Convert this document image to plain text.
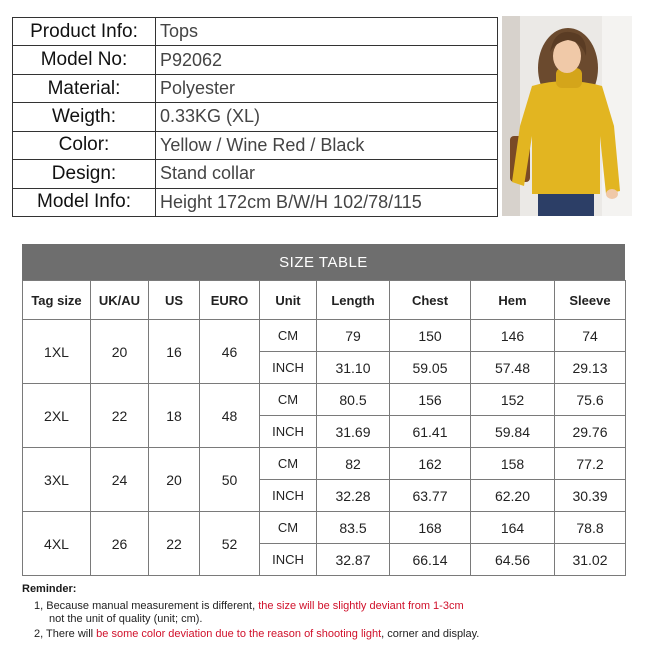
Product Info:	Tops
Model No:	P92062
Material:	Polyester
Weigth:	0.33KG (XL)
Color:	Yellow / Wine Red / Black
Design:	Stand collar
Model Info:	Height 172cm B/W/H 102/78/115
SIZE TABLE
Tag size	UK/AU	US	EURO	Unit	Length	Chest	Hem	Sleeve
1XL	20	16	46	CM	79	150	146	74
				INCH	31.10	59.05	57.48	29.13
2XL	22	18	48	CM	80.5	156	152	75.6
				INCH	31.69	61.41	59.84	29.76
3XL	24	20	50	CM	82	162	158	77.2
				INCH	32.28	63.77	62.20	30.39
4XL	26	22	52	CM	83.5	168	164	78.8
				INCH	32.87	66.14	64.56	31.02
Reminder:
1, Because manual measurement is different, the size will be slightly deviant from 1-3cm
not the unit of quality (unit; cm).
2, There will be some color deviation due to the reason of shooting light, corner and display.
